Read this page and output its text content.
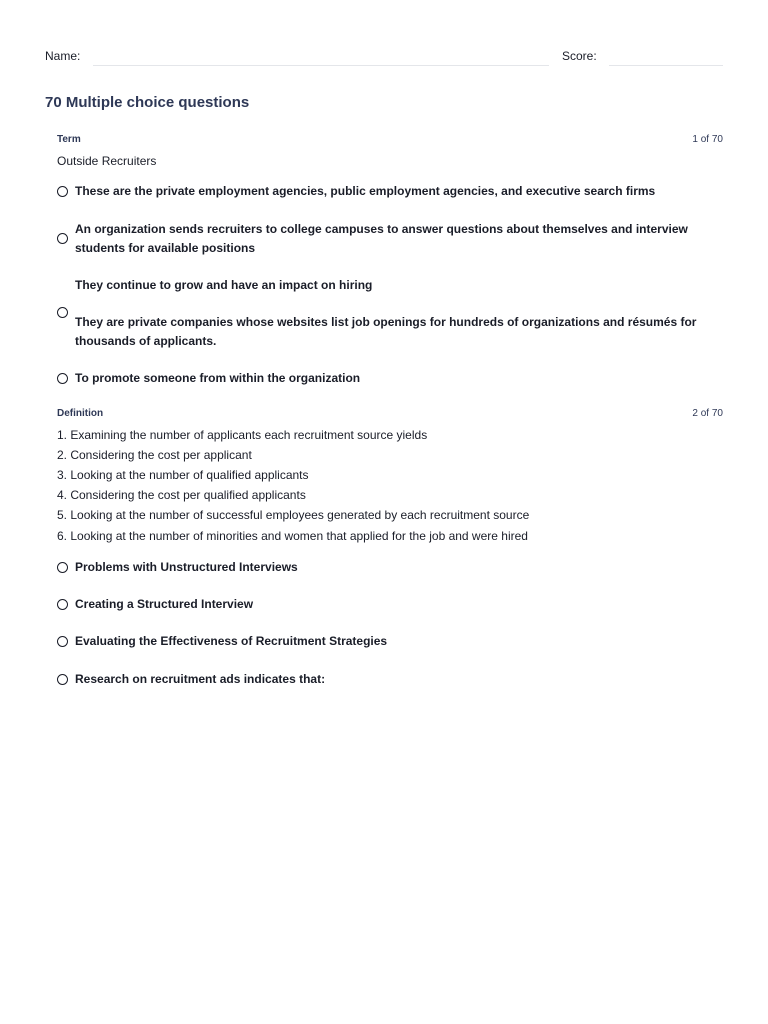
Name:	Score:
70 Multiple choice questions
Term	1 of 70
Outside Recruiters
These are the private employment agencies, public employment agencies, and executive search firms
An organization sends recruiters to college campuses to answer questions about themselves and interview students for available positions
They continue to grow and have an impact on hiring
They are private companies whose websites list job openings for hundreds of organizations and résumés for thousands of applicants.
To promote someone from within the organization
Definition	2 of 70
1. Examining the number of applicants each recruitment source yields
2. Considering the cost per applicant
3. Looking at the number of qualified applicants
4. Considering the cost per qualified applicants
5. Looking at the number of successful employees generated by each recruitment source
6. Looking at the number of minorities and women that applied for the job and were hired
Problems with Unstructured Interviews
Creating a Structured Interview
Evaluating the Effectiveness of Recruitment Strategies
Research on recruitment ads indicates that:
